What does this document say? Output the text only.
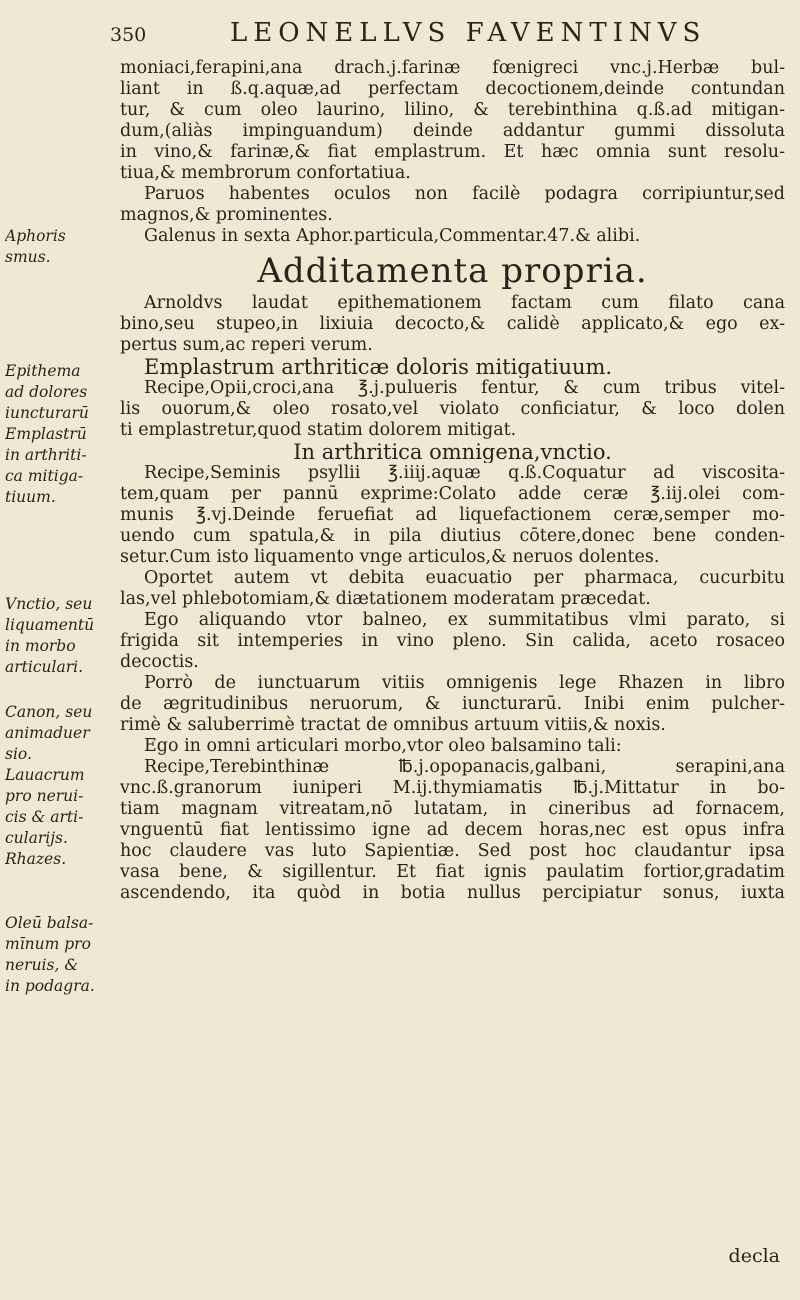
350	LEONELLVS FAVENTINVS
moniaci,ferapini,ana drach.j.farinæ fœnigreci vnc.j.Herbæ bul-
liant in ß.q.aquæ,ad perfectam decoctionem,deinde contundan
tur, & cum oleo laurino, lilino, & terebinthina q.ß.ad mitigan-
dum,(aliàs impinguandum) deinde addantur gummi dissoluta
in vino,& farinæ,& fiat emplastrum. Et hæc omnia sunt resolu-
tiua,& membrorum confortatiua.
Paruos habentes oculos non facilè podagra corripiuntur,sed
magnos,& prominentes.
Galenus in sexta Aphor.particula,Commentar.47.& alibi.
Additamenta propria.
Arnoldvs laudat epithemationem factam cum filato cana
bino,seu stupeo,in lixiuia decocto,& calidè applicato,& ego ex-
pertus sum,ac reperi verum.
Emplastrum arthriticæ doloris mitigatiuum.
Recipe,Opii,croci,ana ℥.j.pulueris fentur, & cum tribus vitel-
lis ouorum,& oleo rosato,vel violato conficiatur, & loco dolen
ti emplastretur,quod statim dolorem mitigat.
In arthritica omnigena,vnctio.
Recipe,Seminis psyllii ℥.iiij.aquæ q.ß.Coquatur ad viscosita-
tem,quam per pannū exprime:Colato adde ceræ ℥.iij.olei com-
munis ℥.vj.Deinde feruefiat ad liquefactionem ceræ,semper mo-
uendo cum spatula,& in pila diutius cōtere,donec bene conden-
setur.Cum isto liquamento vnge articulos,& neruos dolentes.
Oportet autem vt debita euacuatio per pharmaca, cucurbitu
las,vel phlebotomiam,& diætationem moderatam præcedat.
Ego aliquando vtor balneo, ex summitatibus vlmi parato, si
frigida sit intemperies in vino pleno. Sin calida, aceto rosaceo
decoctis.
Porrò de iunctuarum vitiis omnigenis lege Rhazen in libro
de ægritudinibus neruorum, & iuncturarū. Inibi enim pulcher-
rimè & saluberrimè tractat de omnibus artuum vitiis,& noxis.
Ego in omni articulari morbo,vtor oleo balsamino tali:
Recipe,Terebinthinæ ℔.j.opopanacis,galbani, serapini,ana
vnc.ß.granorum iuniperi M.ij.thymiamatis ℔.j.Mittatur in bo-
tiam magnam vitreatam,nō lutatam, in cineribus ad fornacem,
vnguentū fiat lentissimo igne ad decem horas,nec est opus infra
hoc claudere vas luto Sapientiæ. Sed post hoc claudantur ipsa
vasa bene, & sigillentur. Et fiat ignis paulatim fortior,gradatim
ascendendo, ita quòd in botia nullus percipiatur sonus, iuxta
Aphoris
smus.
Epithema
ad dolores
iuncturarū
Emplastrū
in arthriti-
ca mitiga-
tiuum.
Vnctio, seu
liquamentū
in morbo
articulari.
Canon, seu
animaduer
sio.
Lauacrum
pro nerui-
cis & arti-
cularijs.
Rhazes.
Oleū balsa-
mīnum pro
neruis, &
in podagra.
decla
